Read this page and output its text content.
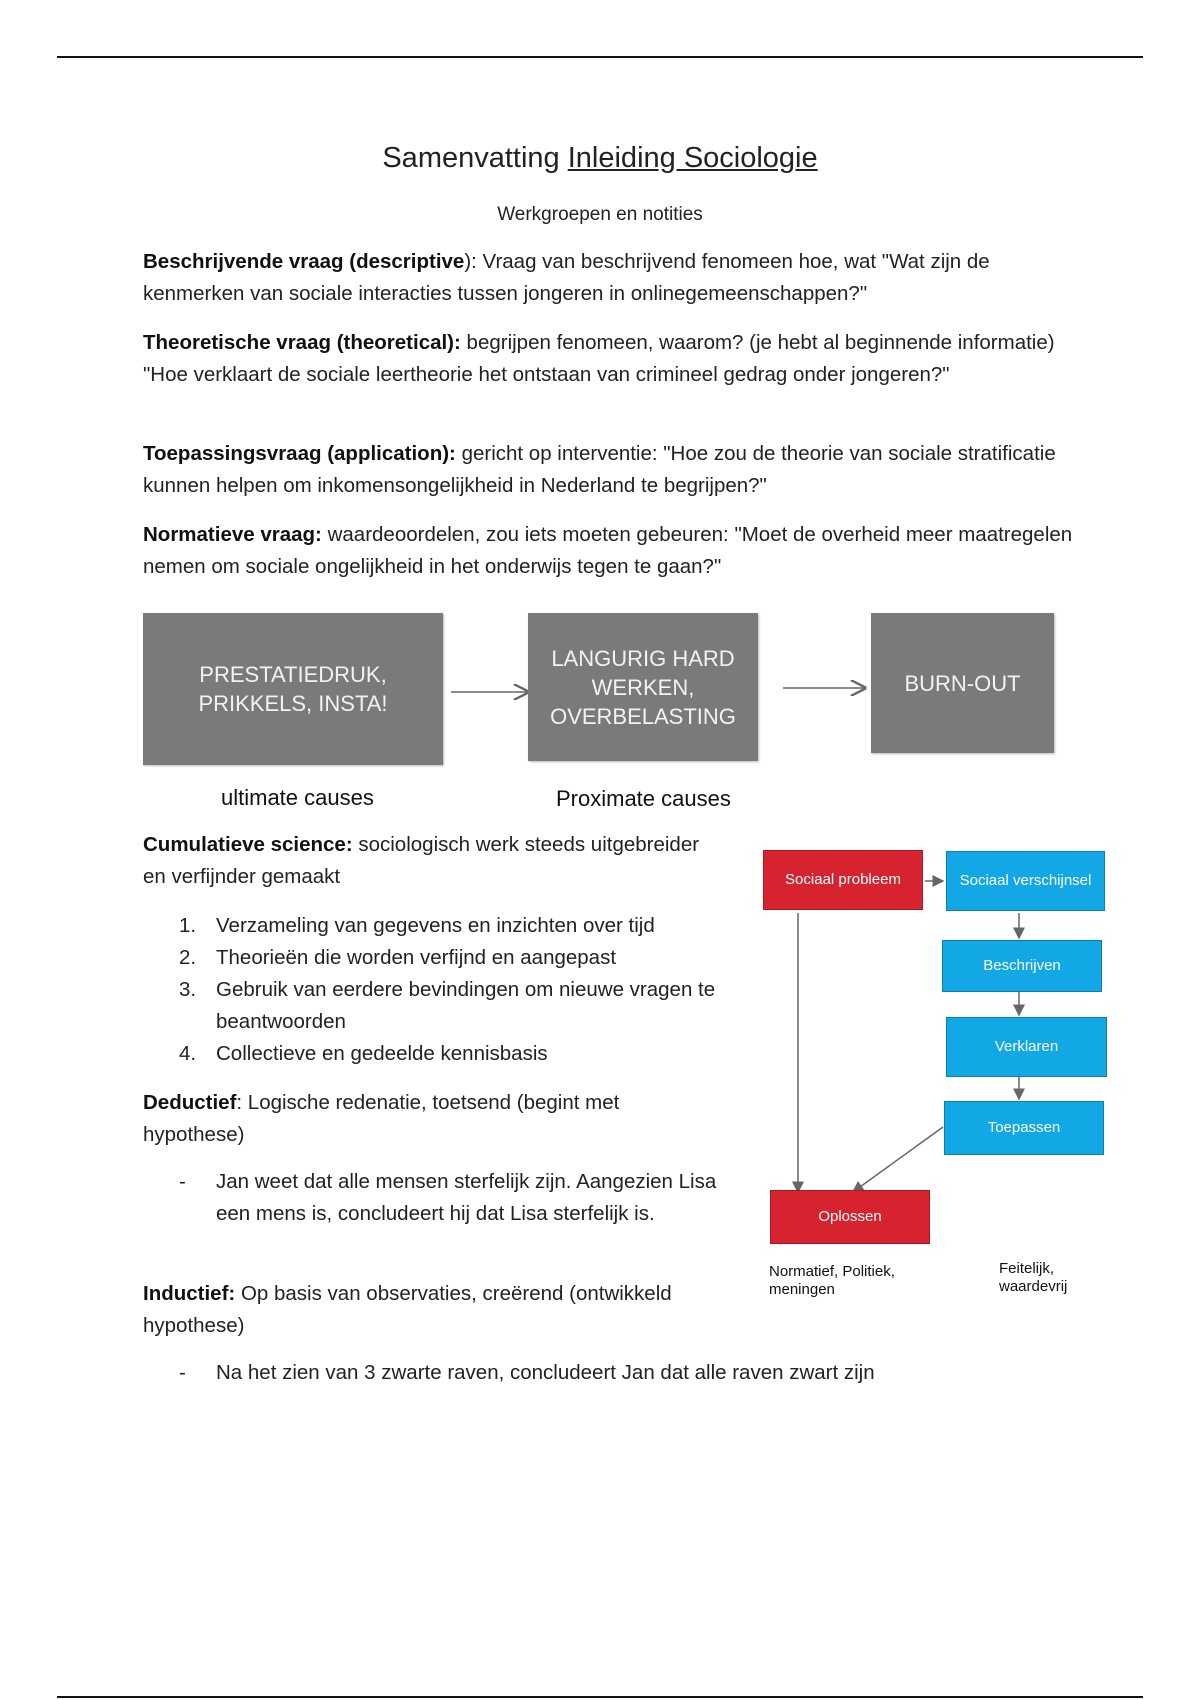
Samenvatting Inleiding Sociologie
Werkgroepen en notities
Beschrijvende vraag (descriptive): Vraag van beschrijvend fenomeen hoe, wat "Wat zijn de kenmerken van sociale interacties tussen jongeren in onlinegemeenschappen?"
Theoretische vraag (theoretical): begrijpen fenomeen, waarom? (je hebt al beginnende informatie) "Hoe verklaart de sociale leertheorie het ontstaan van crimineel gedrag onder jongeren?"
Toepassingsvraag (application): gericht op interventie: "Hoe zou de theorie van sociale stratificatie kunnen helpen om inkomensongelijkheid in Nederland te begrijpen?"
Normatieve vraag: waardeoordelen, zou iets moeten gebeuren: "Moet de overheid meer maatregelen nemen om sociale ongelijkheid in het onderwijs tegen te gaan?"
PRESTATIEDRUK, PRIKKELS, INSTA!
LANGURIG HARD WERKEN, OVERBELASTING
BURN-OUT
ultimate causes	Proximate causes
Cumulatieve science: sociologisch werk steeds uitgebreider en verfijnder gemaakt
1. Verzameling van gegevens en inzichten over tijd
2. Theorieën die worden verfijnd en aangepast
3. Gebruik van eerdere bevindingen om nieuwe vragen te beantwoorden
4. Collectieve en gedeelde kennisbasis
Deductief: Logische redenatie, toetsend (begint met hypothese)
-	Jan weet dat alle mensen sterfelijk zijn. Aangezien Lisa een mens is, concludeert hij dat Lisa sterfelijk is.
Inductief: Op basis van observaties, creërend (ontwikkeld hypothese)
-	Na het zien van 3 zwarte raven, concludeert Jan dat alle raven zwart zijn
Sociaal probleem	Sociaal verschijnsel
Beschrijven
Verklaren
Toepassen
Oplossen
Normatief, Politiek, meningen
Feitelijk, waardevrij
